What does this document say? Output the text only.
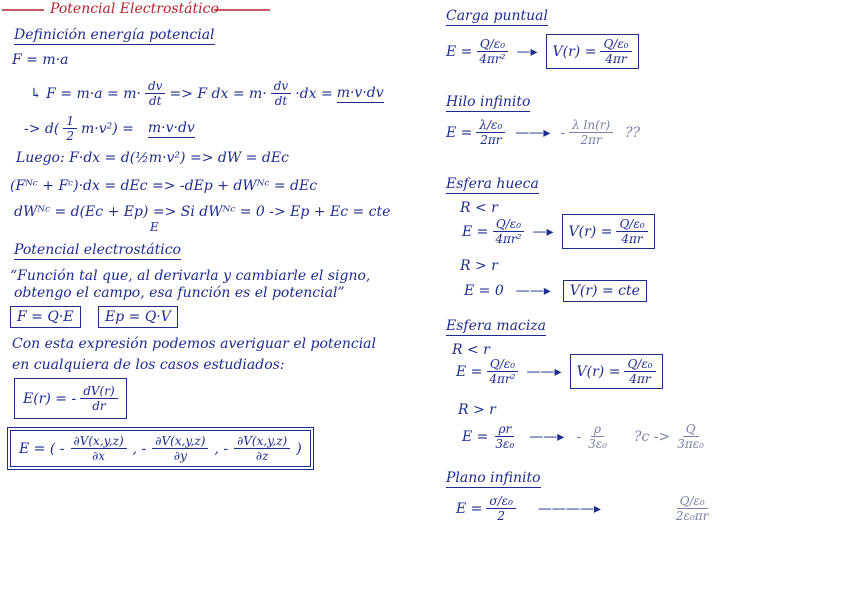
Potencial Electrostático
Definición energía potencial
F = m·a
↳ $F = m\cdot a = m\cdot \frac{dv}{dt} => F$ dx = $m\cdot \frac{dv}{dt} \cdot dx = m\cdot v\cdot dv$
-> $d( \frac{1}{2} m\cdot v^2) = m\cdot v\cdot dv$
Luego: F·dx = d(½m·v²) => dW = dEc
(Fᴺᶜ + Fᶜ)·dx = dEc => -dEp + dWᴺᶜ = dEc
dWᴺᶜ = d(Ec + Ep) => Si dWᴺᶜ = 0 -> Ep + Ec = cte
E
Potencial electrostático
“Función tal que, al derivarla y cambiarle el signo,
obtengo el campo, esa función es el potencial”
F = Q·E	Ep = Q·V
Con esta expresión podemos averiguar el potencial
en cualquiera de los casos estudiados:
E(r) = - $\frac{dV(r)}{dr}$
E = ( - $\frac{\partial V(x,y,z)}{\partial x}$ , - $\frac{\partial V(x,y,z)}{\partial y}$ , - $\frac{\partial V(x,y,z)}{\partial z}$ )
Carga puntual
$E = \frac{\text{Q/ε₀}}{\text{4πr²}}$ —▸ $V(r) = \frac{\text{Q/ε₀}}{4\pi r}$
Hilo infinito
$E = \frac{\text{λ/ε₀}}{2\pi r}$ ——▸ - $\frac{\text{λ ln(r)}}{2\pi r}$ ??
Esfera hueca
R < r
$E = \frac{\text{Q/ε₀}}{\text{4πr²}}$ —▸ $V(r) = \frac{\text{Q/ε₀}}{4\pi r}$
R > r
E = 0 ——▸	V(r) = cte
Esfera maciza
R < r
$E = \frac{\text{Q/ε₀}}{\text{4πr²}}$ ——▸ $V(r) = \frac{\text{Q/ε₀}}{4\pi r}$
R > r
$E = \frac{\rho r}{\text{3ε₀}}$ ——▸ - $\frac{\rho}{\text{3ε₀}}$ ?c -> $\frac{Q}{\text{3πε₀}}$
Plano infinito
$E = \frac{\text{σ/ε₀}}{2}$ ————▸	$\frac{\text{Q/ε₀}}{\text{2ε₀πr}}$
